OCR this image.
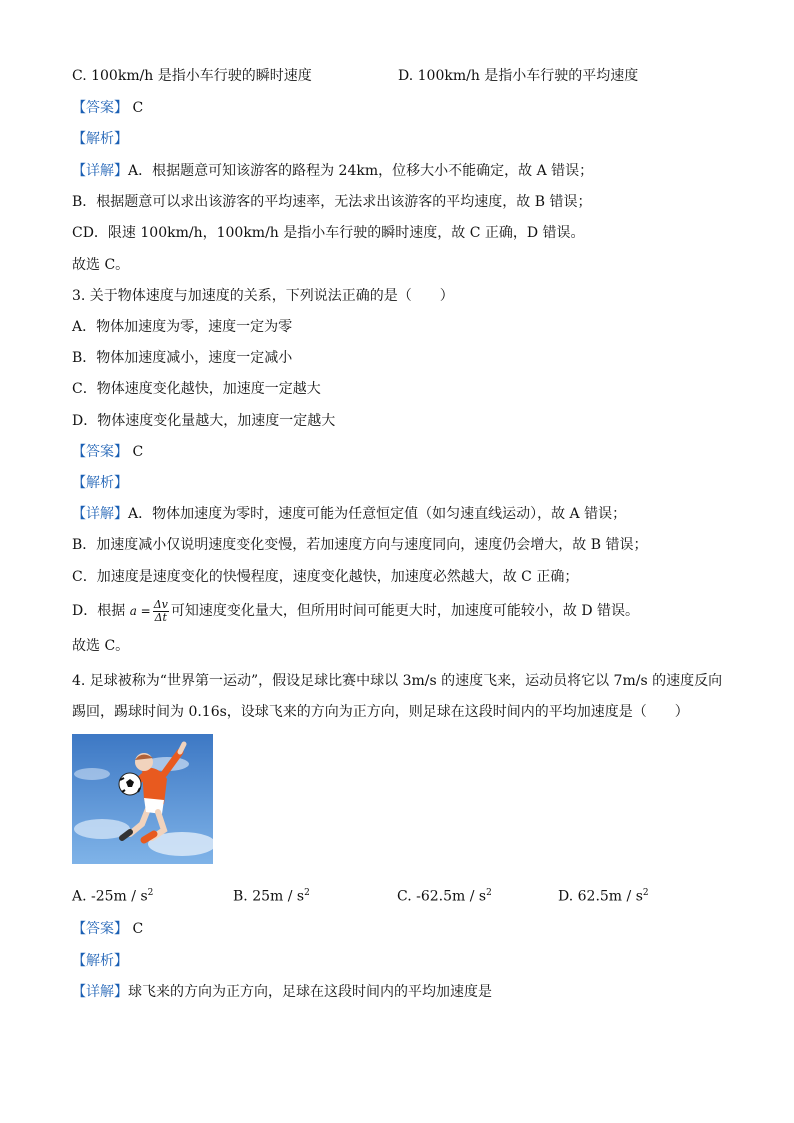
C. 100km/h 是指小车行驶的瞬时速度	D. 100km/h 是指小车行驶的平均速度
【答案】 C
【解析】
【详解】A．根据题意可知该游客的路程为 24km，位移大小不能确定，故 A 错误；
B．根据题意可以求出该游客的平均速率，无法求出该游客的平均速度，故 B 错误；
CD．限速 100km/h，100km/h 是指小车行驶的瞬时速度，故 C 正确，D 错误。
故选 C。
3. 关于物体速度与加速度的关系，下列说法正确的是（　　）
A．物体加速度为零，速度一定为零
B．物体加速度减小，速度一定减小
C．物体速度变化越快，加速度一定越大
D．物体速度变化量越大，加速度一定越大
【答案】 C
【解析】
【详解】A．物体加速度为零时，速度可能为任意恒定值（如匀速直线运动），故 A 错误；
B．加速度减小仅说明速度变化变慢，若加速度方向与速度同向，速度仍会增大，故 B 错误；
C．加速度是速度变化的快慢程度，速度变化越快，加速度必然越大，故 C 正确；
D．根据 $a = \frac{\Delta v}{\Delta t}$ 可知速度变化量大，但所用时间可能更大时，加速度可能较小，故 D 错误。
故选 C。
4. 足球被称为“世界第一运动”，假设足球比赛中球以 3m/s 的速度飞来，运动员将它以 7m/s 的速度反向
踢回，踢球时间为 0.16s，设球飞来的方向为正方向，则足球在这段时间内的平均加速度是（　　）
A. $-25m / s^2$	B. $25m / s^2$	C. $-62.5m / s^2$	D. $62.5m / s^2$
【答案】 C
【解析】
【详解】球飞来的方向为正方向，足球在这段时间内的平均加速度是
